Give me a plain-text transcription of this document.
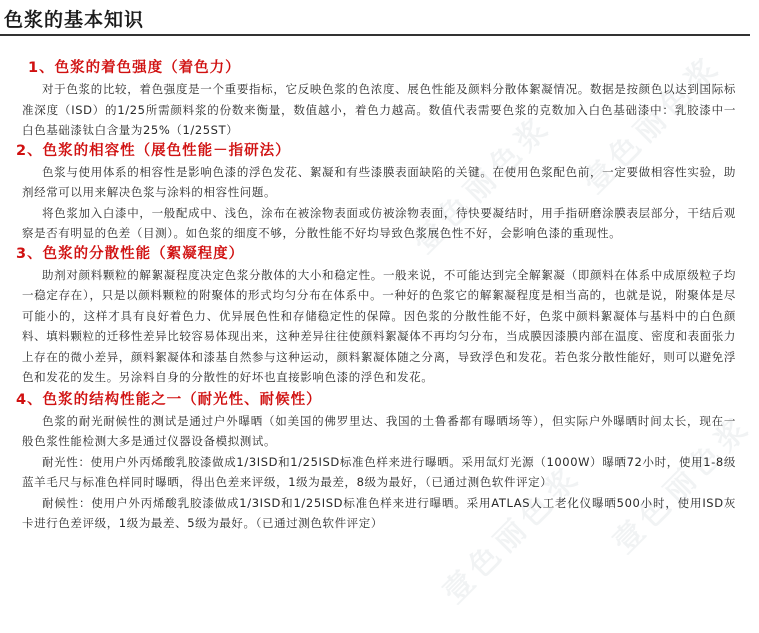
色浆的基本知识
壹色丽色浆 壹色丽色浆
壹色丽色浆 壹色丽色浆
1、色浆的着色强度（着色力）

对于色浆的比较，着色强度是一个重要指标，它反映色浆的色浓度、展色性能及颜料分散体絮凝情况。数据是按颜色以达到国际标准深度（ISD）的1/25所需颜料浆的份数来衡量，数值越小，着色力越高。数值代表需要色浆的克数加入白色基础漆中：乳胶漆中一白色基础漆钛白含量为25%（1/25ST）

2、色浆的相容性（展色性能－指研法）

色浆与使用体系的相容性是影响色漆的浮色发花、絮凝和有些漆膜表面缺陷的关键。在使用色浆配色前，一定要做相容性实验，助剂经常可以用来解决色浆与涂料的相容性问题。

将色浆加入白漆中，一般配成中、浅色，涂布在被涂物表面或仿被涂物表面，待快要凝结时，用手指研磨涂膜表层部分，干结后观察是否有明显的色差（目测）。如色浆的细度不够，分散性能不好均导致色浆展色性不好，会影响色漆的重现性。

3、色浆的分散性能（絮凝程度）

助剂对颜料颗粒的解絮凝程度决定色浆分散体的大小和稳定性。一般来说，不可能达到完全解絮凝（即颜料在体系中成原级粒子均一稳定存在），只是以颜料颗粒的附聚体的形式均匀分布在体系中。一种好的色浆它的解絮凝程度是相当高的，也就是说，附聚体是尽可能小的，这样才具有良好着色力、优异展色性和存储稳定性的保障。因色浆的分散性能不好，色浆中颜料絮凝体与基料中的白色颜料、填料颗粒的迁移性差异比较容易体现出来，这种差异往往使颜料絮凝体不再均匀分布，当成膜因漆膜内部在温度、密度和表面张力上存在的微小差异，颜料絮凝体和漆基自然参与这种运动，颜料絮凝体随之分离，导致浮色和发花。若色浆分散性能好，则可以避免浮色和发花的发生。另涂料自身的分散性的好坏也直接影响色漆的浮色和发花。

4、色浆的结构性能之一（耐光性、耐候性）

色浆的耐光耐候性的测试是通过户外曝晒（如美国的佛罗里达、我国的土鲁番都有曝晒场等），但实际户外曝晒时间太长，现在一般色浆性能检测大多是通过仪器设备模拟测试。

耐光性：使用户外丙烯酸乳胶漆做成1/3ISD和1/25ISD标准色样来进行曝晒。采用氙灯光源（1000W）曝晒72小时，使用1-8级蓝羊毛尺与标准色样同时曝晒，得出色差来评级，1级为最差，8级为最好，（已通过测色软件评定）

耐候性：使用户外丙烯酸乳胶漆做成1/3ISD和1/25ISD标准色样来进行曝晒。采用ATLAS人工老化仪曝晒500小时，使用ISD灰卡进行色差评级，1级为最差、5级为最好。（已通过测色软件评定）
